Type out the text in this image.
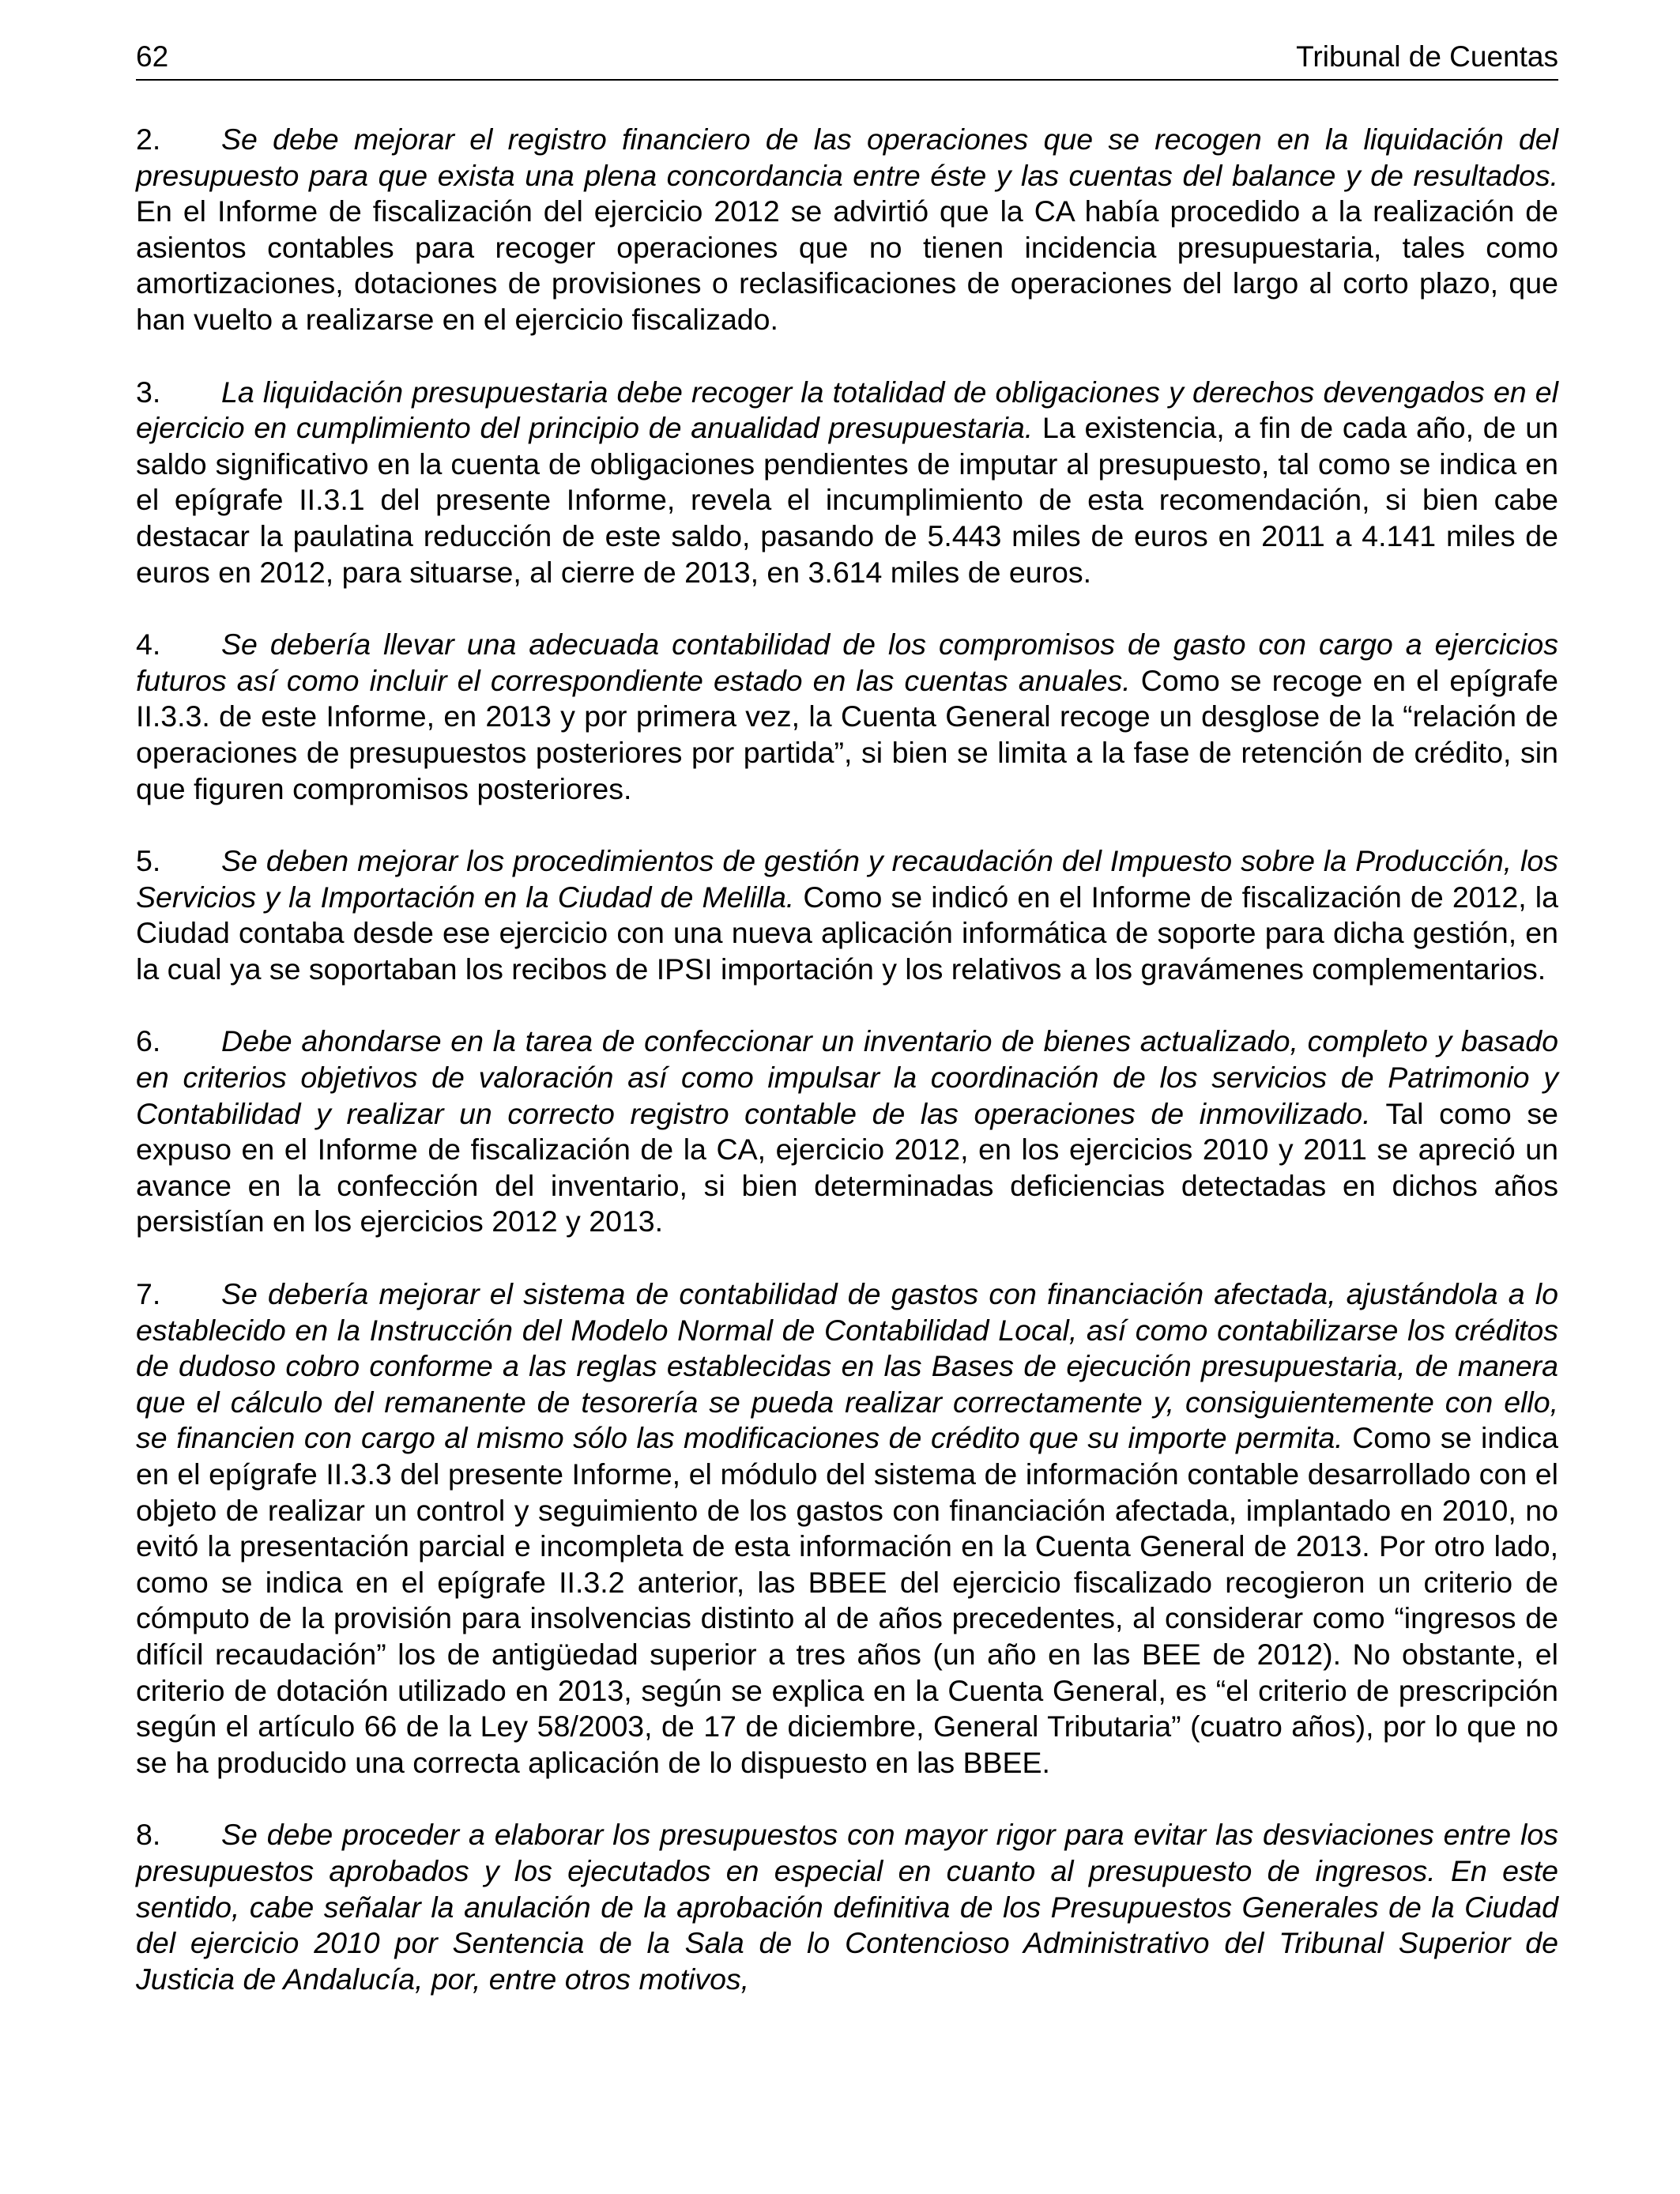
62	Tribunal de Cuentas

2. Se debe mejorar el registro financiero de las operaciones que se recogen en la liquidación del presupuesto para que exista una plena concordancia entre éste y las cuentas del balance y de resultados. En el Informe de fiscalización del ejercicio 2012 se advirtió que la CA había procedido a la realización de asientos contables para recoger operaciones que no tienen incidencia presupuestaria, tales como amortizaciones, dotaciones de provisiones o reclasificaciones de operaciones del largo al corto plazo, que han vuelto a realizarse en el ejercicio fiscalizado.

3. La liquidación presupuestaria debe recoger la totalidad de obligaciones y derechos devengados en el ejercicio en cumplimiento del principio de anualidad presupuestaria. La existencia, a fin de cada año, de un saldo significativo en la cuenta de obligaciones pendientes de imputar al presupuesto, tal como se indica en el epígrafe II.3.1 del presente Informe, revela el incumplimiento de esta recomendación, si bien cabe destacar la paulatina reducción de este saldo, pasando de 5.443 miles de euros en 2011 a 4.141 miles de euros en 2012, para situarse, al cierre de 2013, en 3.614 miles de euros.

4. Se debería llevar una adecuada contabilidad de los compromisos de gasto con cargo a ejercicios futuros así como incluir el correspondiente estado en las cuentas anuales. Como se recoge en el epígrafe II.3.3. de este Informe, en 2013 y por primera vez, la Cuenta General recoge un desglose de la “relación de operaciones de presupuestos posteriores por partida”, si bien se limita a la fase de retención de crédito, sin que figuren compromisos posteriores.

5. Se deben mejorar los procedimientos de gestión y recaudación del Impuesto sobre la Producción, los Servicios y la Importación en la Ciudad de Melilla. Como se indicó en el Informe de fiscalización de 2012, la Ciudad contaba desde ese ejercicio con una nueva aplicación informática de soporte para dicha gestión, en la cual ya se soportaban los recibos de IPSI importación y los relativos a los gravámenes complementarios.

6. Debe ahondarse en la tarea de confeccionar un inventario de bienes actualizado, completo y basado en criterios objetivos de valoración así como impulsar la coordinación de los servicios de Patrimonio y Contabilidad y realizar un correcto registro contable de las operaciones de inmovilizado. Tal como se expuso en el Informe de fiscalización de la CA, ejercicio 2012, en los ejercicios 2010 y 2011 se apreció un avance en la confección del inventario, si bien determinadas deficiencias detectadas en dichos años persistían en los ejercicios 2012 y 2013.

7. Se debería mejorar el sistema de contabilidad de gastos con financiación afectada, ajustándola a lo establecido en la Instrucción del Modelo Normal de Contabilidad Local, así como contabilizarse los créditos de dudoso cobro conforme a las reglas establecidas en las Bases de ejecución presupuestaria, de manera que el cálculo del remanente de tesorería se pueda realizar correctamente y, consiguientemente con ello, se financien con cargo al mismo sólo las modificaciones de crédito que su importe permita. Como se indica en el epígrafe II.3.3 del presente Informe, el módulo del sistema de información contable desarrollado con el objeto de realizar un control y seguimiento de los gastos con financiación afectada, implantado en 2010, no evitó la presentación parcial e incompleta de esta información en la Cuenta General de 2013. Por otro lado, como se indica en el epígrafe II.3.2 anterior, las BBEE del ejercicio fiscalizado recogieron un criterio de cómputo de la provisión para insolvencias distinto al de años precedentes, al considerar como “ingresos de difícil recaudación” los de antigüedad superior a tres años (un año en las BEE de 2012). No obstante, el criterio de dotación utilizado en 2013, según se explica en la Cuenta General, es “el criterio de prescripción según el artículo 66 de la Ley 58/2003, de 17 de diciembre, General Tributaria” (cuatro años), por lo que no se ha producido una correcta aplicación de lo dispuesto en las BBEE.

8. Se debe proceder a elaborar los presupuestos con mayor rigor para evitar las desviaciones entre los presupuestos aprobados y los ejecutados en especial en cuanto al presupuesto de ingresos. En este sentido, cabe señalar la anulación de la aprobación definitiva de los Presupuestos Generales de la Ciudad del ejercicio 2010 por Sentencia de la Sala de lo Contencioso Administrativo del Tribunal Superior de Justicia de Andalucía, por, entre otros motivos,
